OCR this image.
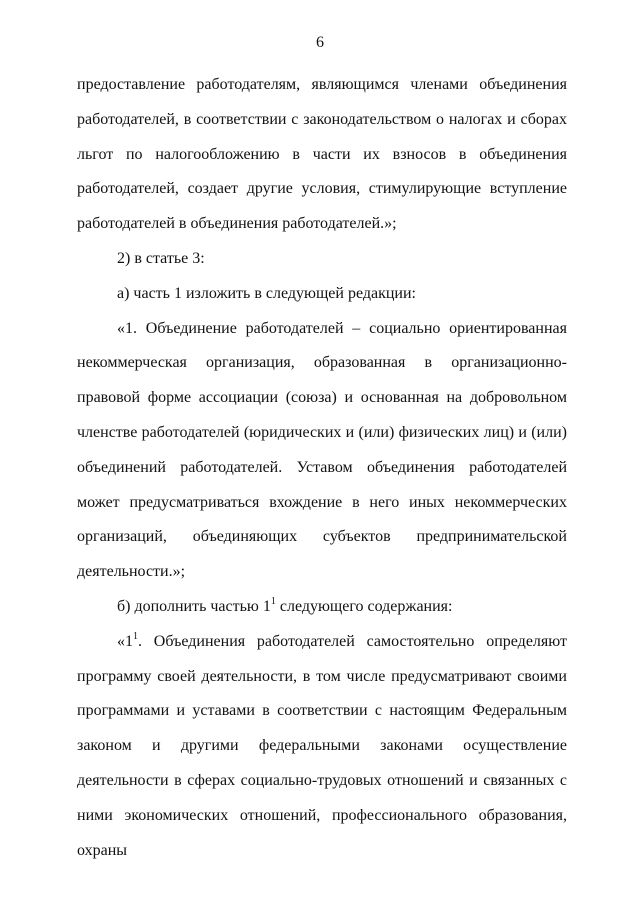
6

предоставление работодателям, являющимся членами объединения работодателей, в соответствии с законодательством о налогах и сборах льгот по налогообложению в части их взносов в объединения работодателей, создает другие условия, стимулирующие вступление работодателей в объединения работодателей.»;

2) в статье 3:

а) часть 1 изложить в следующей редакции:

«1. Объединение работодателей – социально ориентированная некоммерческая организация, образованная в организационно-правовой форме ассоциации (союза) и основанная на добровольном членстве работодателей (юридических и (или) физических лиц) и (или) объединений работодателей. Уставом объединения работодателей может предусматриваться вхождение в него иных некоммерческих организаций, объединяющих субъектов предпринимательской деятельности.»;

б) дополнить частью $1^1$ следующего содержания:

«$1^1$. Объединения работодателей самостоятельно определяют программу своей деятельности, в том числе предусматривают своими программами и уставами в соответствии с настоящим Федеральным законом и другими федеральными законами осуществление деятельности в сферах социально-трудовых отношений и связанных с ними экономических отношений, профессионального образования, охраны
